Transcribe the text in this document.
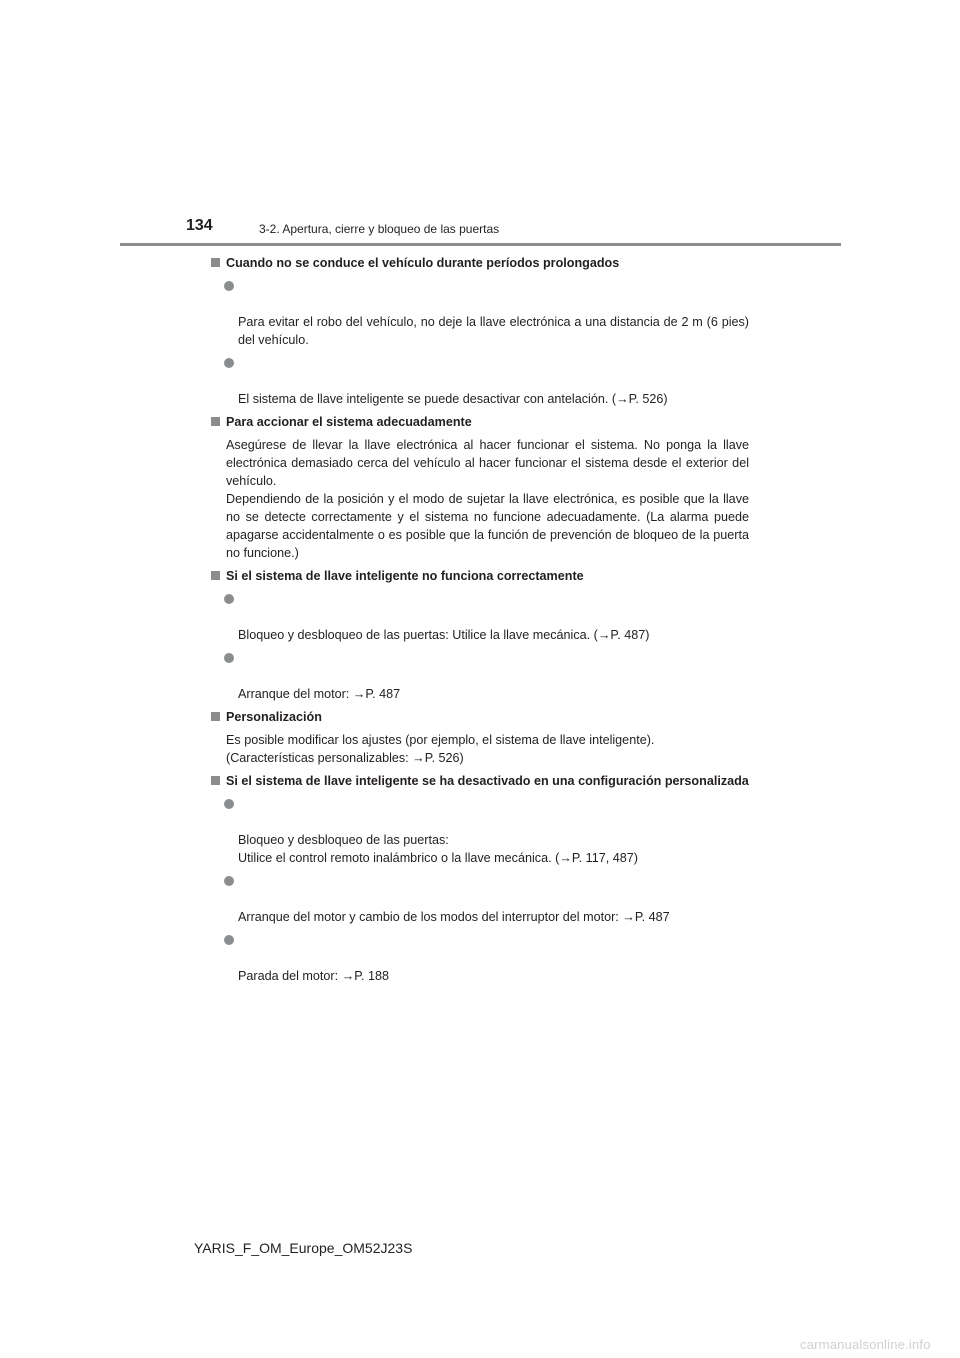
134	3-2. Apertura, cierre y bloqueo de las puertas
Cuando no se conduce el vehículo durante períodos prolongados

Para evitar el robo del vehículo, no deje la llave electrónica a una distancia de 2 m (6 pies) del vehículo.

El sistema de llave inteligente se puede desactivar con antelación. (→P. 526)

Para accionar el sistema adecuadamente
Asegúrese de llevar la llave electrónica al hacer funcionar el sistema. No ponga la llave electrónica demasiado cerca del vehículo al hacer funcionar el sistema desde el exterior del vehículo.
Dependiendo de la posición y el modo de sujetar la llave electrónica, es posible que la llave no se detecte correctamente y el sistema no funcione adecuadamente. (La alarma puede apagarse accidentalmente o es posible que la función de prevención de bloqueo de la puerta no funcione.)
Si el sistema de llave inteligente no funciona correctamente

Bloqueo y desbloqueo de las puertas: Utilice la llave mecánica. (→P. 487)

Arranque del motor: →P. 487

Personalización
Es posible modificar los ajustes (por ejemplo, el sistema de llave inteligente).
(Características personalizables: →P. 526)
Si el sistema de llave inteligente se ha desactivado en una configuración personalizada

Bloqueo y desbloqueo de las puertas:
Utilice el control remoto inalámbrico o la llave mecánica. (→P. 117, 487)

Arranque del motor y cambio de los modos del interruptor del motor: →P. 487

Parada del motor: →P. 188

YARIS_F_OM_Europe_OM52J23S
carmanualsonline.info
